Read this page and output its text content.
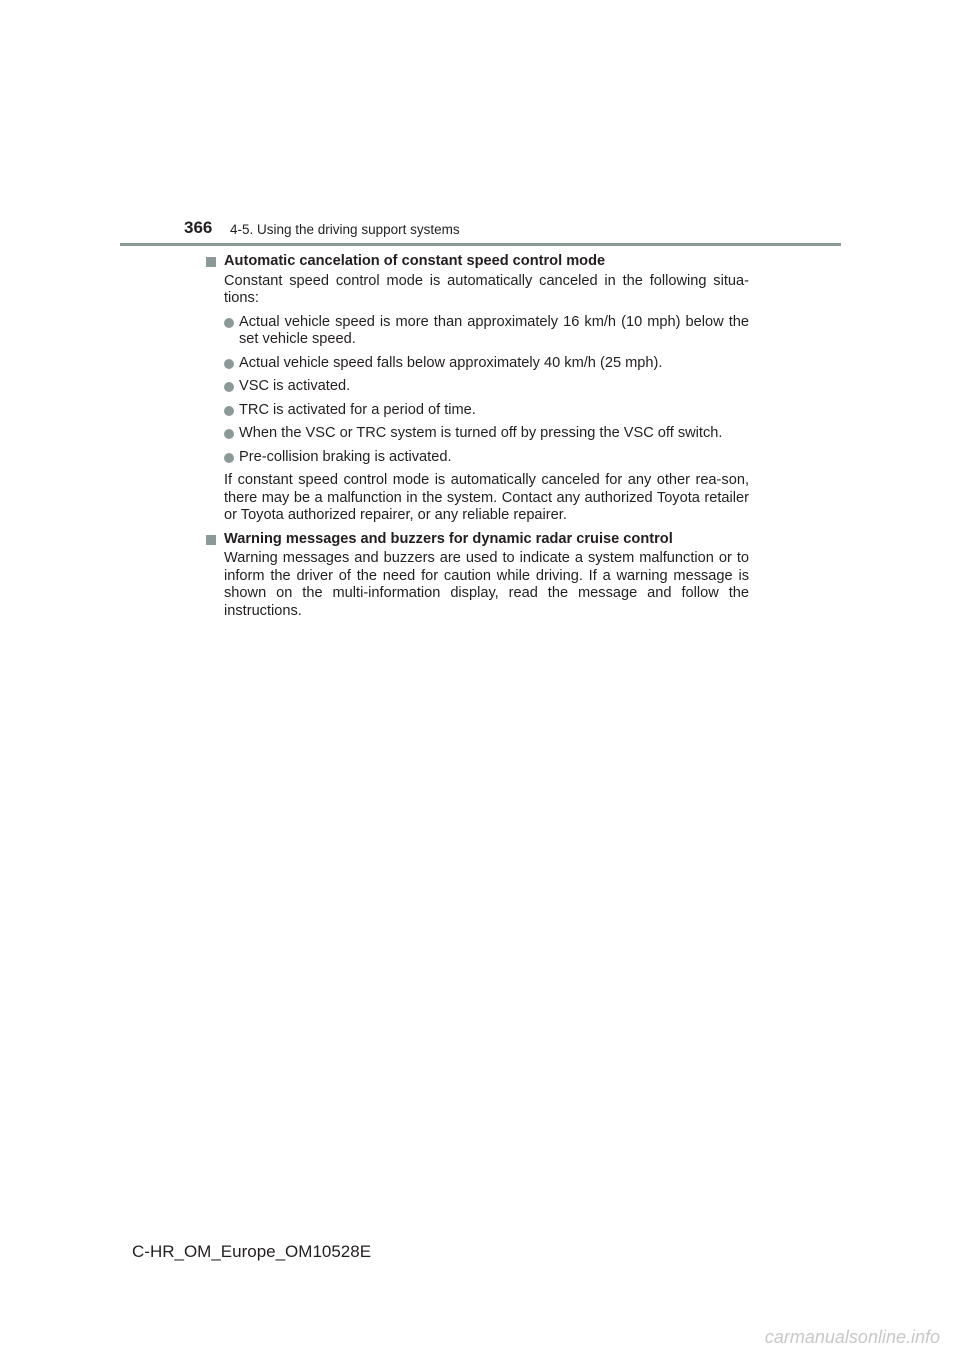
366 4-5. Using the driving support systems
Automatic cancelation of constant speed control mode

Constant speed control mode is automatically canceled in the following situa-tions:

Actual vehicle speed is more than approximately 16 km/h (10 mph) below the set vehicle speed.
Actual vehicle speed falls below approximately 40 km/h (25 mph).
VSC is activated.
TRC is activated for a period of time.
When the VSC or TRC system is turned off by pressing the VSC off switch.
Pre-collision braking is activated.

If constant speed control mode is automatically canceled for any other rea-son, there may be a malfunction in the system. Contact any authorized Toyota retailer or Toyota authorized repairer, or any reliable repairer.

Warning messages and buzzers for dynamic radar cruise control

Warning messages and buzzers are used to indicate a system malfunction or to inform the driver of the need for caution while driving. If a warning message is shown on the multi-information display, read the message and follow the instructions.

C-HR_OM_Europe_OM10528E
carmanualsonline.info
